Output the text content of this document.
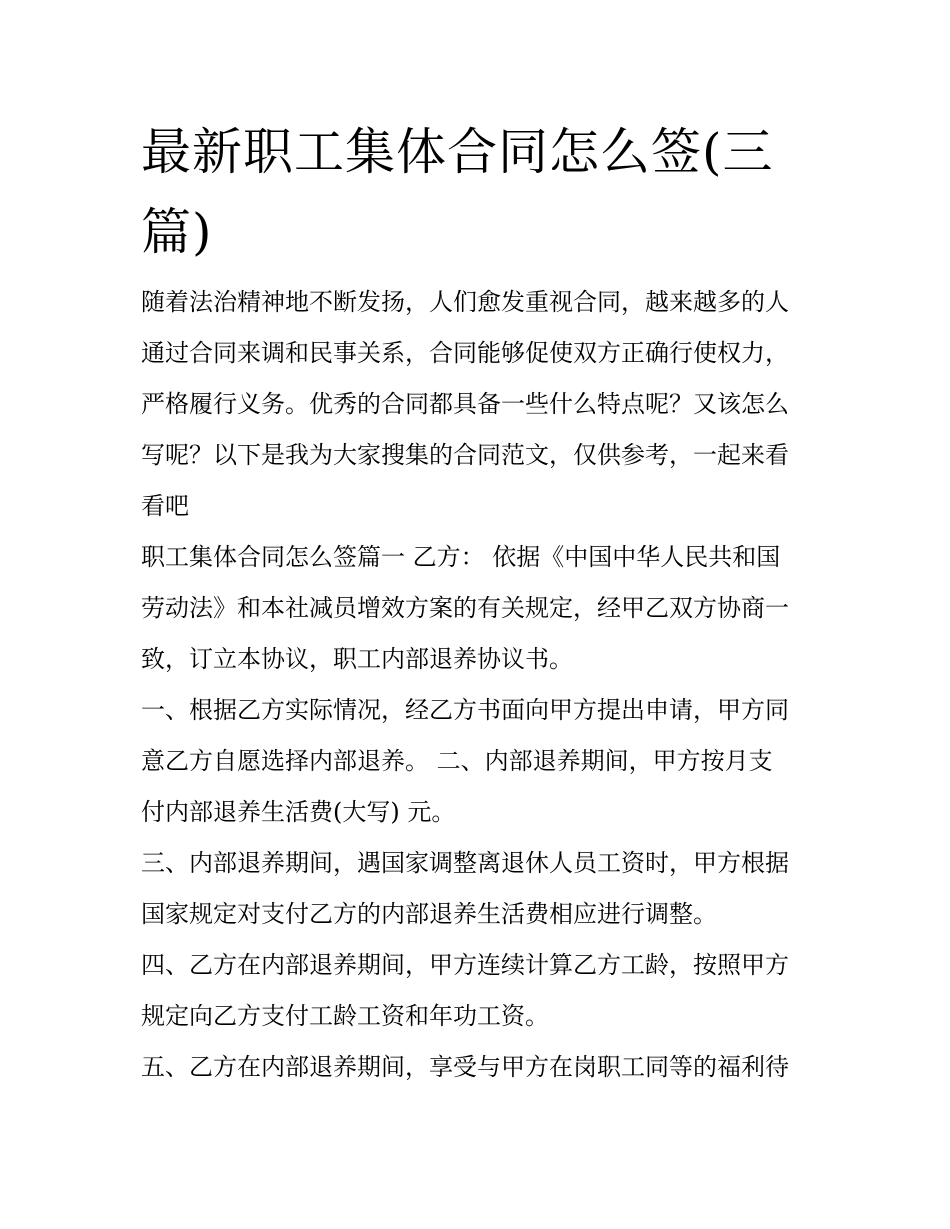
最新职工集体合同怎么签(三
篇)

随着法治精神地不断发扬，人们愈发重视合同，越来越多的人
通过合同来调和民事关系，合同能够促使双方正确行使权力，
严格履行义务。优秀的合同都具备一些什么特点呢？又该怎么
写呢？以下是我为大家搜集的合同范文，仅供参考，一起来看
看吧

职工集体合同怎么签篇一 乙方： 依据《中国中华人民共和国
劳动法》和本社减员增效方案的有关规定，经甲乙双方协商一
致，订立本协议，职工内部退养协议书。

一、根据乙方实际情况，经乙方书面向甲方提出申请，甲方同
意乙方自愿选择内部退养。 二、内部退养期间，甲方按月支
付内部退养生活费(大写) 元。

三、内部退养期间，遇国家调整离退休人员工资时，甲方根据
国家规定对支付乙方的内部退养生活费相应进行调整。

四、乙方在内部退养期间，甲方连续计算乙方工龄，按照甲方
规定向乙方支付工龄工资和年功工资。

五、乙方在内部退养期间，享受与甲方在岗职工同等的福利待
